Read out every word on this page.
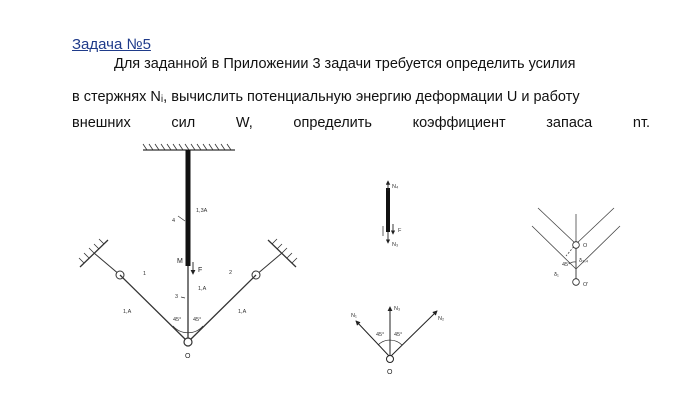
Задача №5
Для заданной в Приложении 3 задачи требуется определить усилия
в стержнях Nᵢ, вычислить потенциальную энергию деформации U и работу
внешних	сил	W,	определить	коэффициент	запаса	nт.
1,3A
4
M
F
1,A
3
1
1,A
2
1,A
45° 45°
O
N₄
N₃
F
N₁
N₃
N₂
45° 45°
O
O
O'
δ₃,₄
δ₁
45°
